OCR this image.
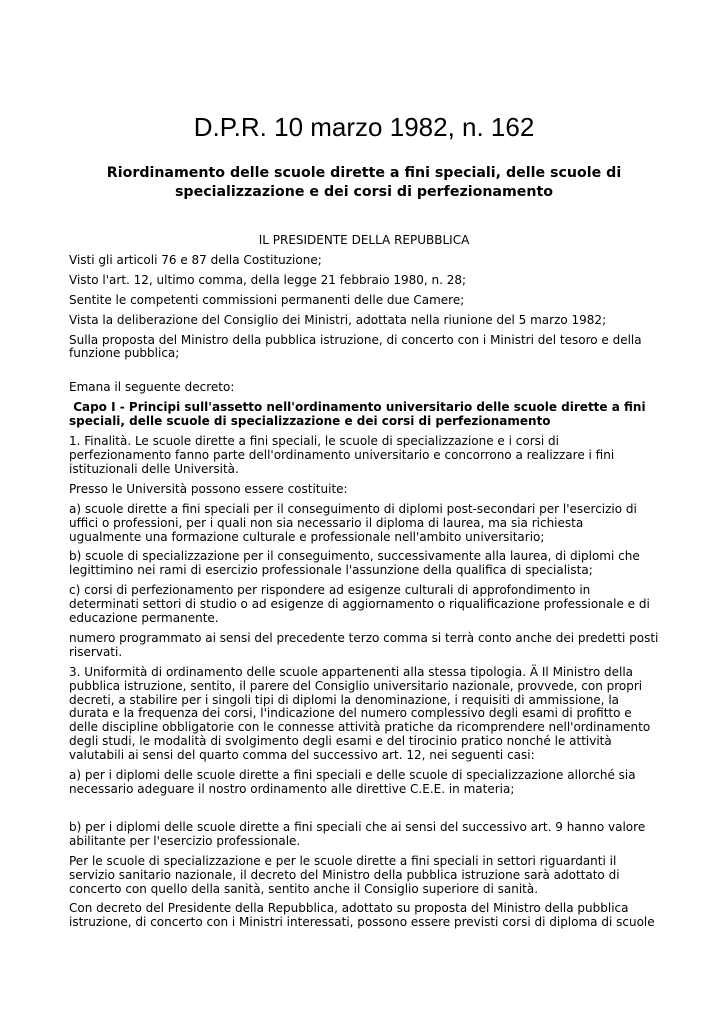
D.P.R. 10 marzo 1982, n. 162
Riordinamento delle scuole dirette a fini speciali, delle scuole di specializzazione e dei corsi di perfezionamento

IL PRESIDENTE DELLA REPUBBLICA

Visti gli articoli 76 e 87 della Costituzione;

Visto l'art. 12, ultimo comma, della legge 21 febbraio 1980, n. 28;

Sentite le competenti commissioni permanenti delle due Camere;

Vista la deliberazione del Consiglio dei Ministri, adottata nella riunione del 5 marzo 1982;

Sulla proposta del Ministro della pubblica istruzione, di concerto con i Ministri del tesoro e della funzione pubblica;

Emana il seguente decreto:

Capo I - Principi sull'assetto nell'ordinamento universitario delle scuole dirette a fini speciali, delle scuole di specializzazione e dei corsi di perfezionamento

1. Finalità. Le scuole dirette a fini speciali, le scuole di specializzazione e i corsi di perfezionamento fanno parte dell'ordinamento universitario e concorrono a realizzare i fini istituzionali delle Università.

Presso le Università possono essere costituite:

a) scuole dirette a fini speciali per il conseguimento di diplomi post-secondari per l'esercizio di uffici o professioni, per i quali non sia necessario il diploma di laurea, ma sia richiesta ugualmente una formazione culturale e professionale nell'ambito universitario;

b) scuole di specializzazione per il conseguimento, successivamente alla laurea, di diplomi che legittimino nei rami di esercizio professionale l'assunzione della qualifica di specialista;

c) corsi di perfezionamento per rispondere ad esigenze culturali di approfondimento in determinati settori di studio o ad esigenze di aggiornamento o riqualificazione professionale e di educazione permanente.

numero programmato ai sensi del precedente terzo comma si terrà conto anche dei predetti posti riservati.

3. Uniformità di ordinamento delle scuole appartenenti alla stessa tipologia. Ä Il Ministro della pubblica istruzione, sentito, il parere del Consiglio universitario nazionale, provvede, con propri decreti, a stabilire per i singoli tipi di diplomi la denominazione, i requisiti di ammissione, la durata e la frequenza dei corsi, l'indicazione del numero complessivo degli esami di profitto e delle discipline obbligatorie con le connesse attività pratiche da ricomprendere nell'ordinamento degli studi, le modalità di svolgimento degli esami e del tirocinio pratico nonché le attività valutabili ai sensi del quarto comma del successivo art. 12, nei seguenti casi:

a) per i diplomi delle scuole dirette a fini speciali e delle scuole di specializzazione allorché sia necessario adeguare il nostro ordinamento alle direttive C.E.E. in materia;

b) per i diplomi delle scuole dirette a fini speciali che ai sensi del successivo art. 9 hanno valore abilitante per l'esercizio professionale.

Per le scuole di specializzazione e per le scuole dirette a fini speciali in settori riguardanti il servizio sanitario nazionale, il decreto del Ministro della pubblica istruzione sarà adottato di concerto con quello della sanità, sentito anche il Consiglio superiore di sanità.

Con decreto del Presidente della Repubblica, adottato su proposta del Ministro della pubblica istruzione, di concerto con i Ministri interessati, possono essere previsti corsi di diploma di scuole
